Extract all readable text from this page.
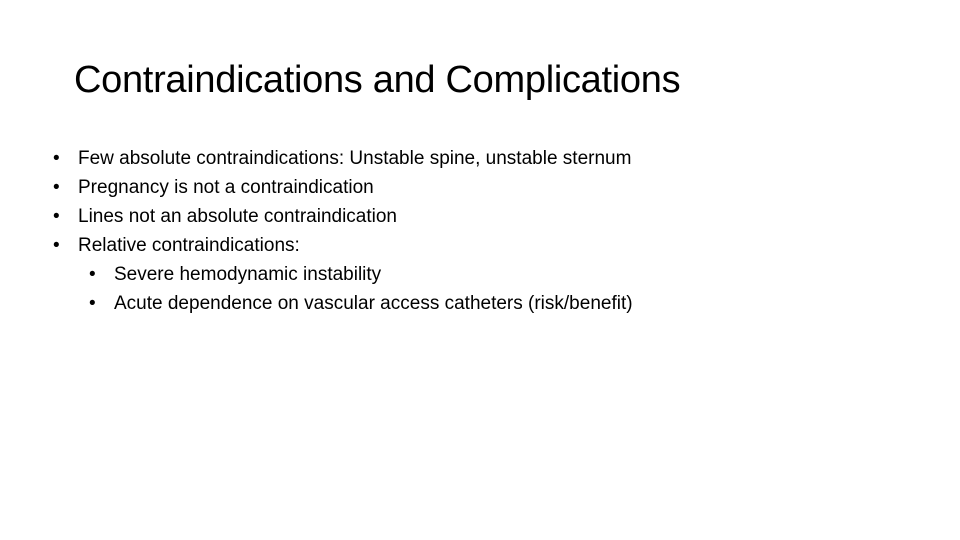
Contraindications and Complications
• Few absolute contraindications: Unstable spine, unstable sternum
• Pregnancy is not a contraindication
• Lines not an absolute contraindication
• Relative contraindications:
• Severe hemodynamic instability
• Acute dependence on vascular access catheters (risk/benefit)
